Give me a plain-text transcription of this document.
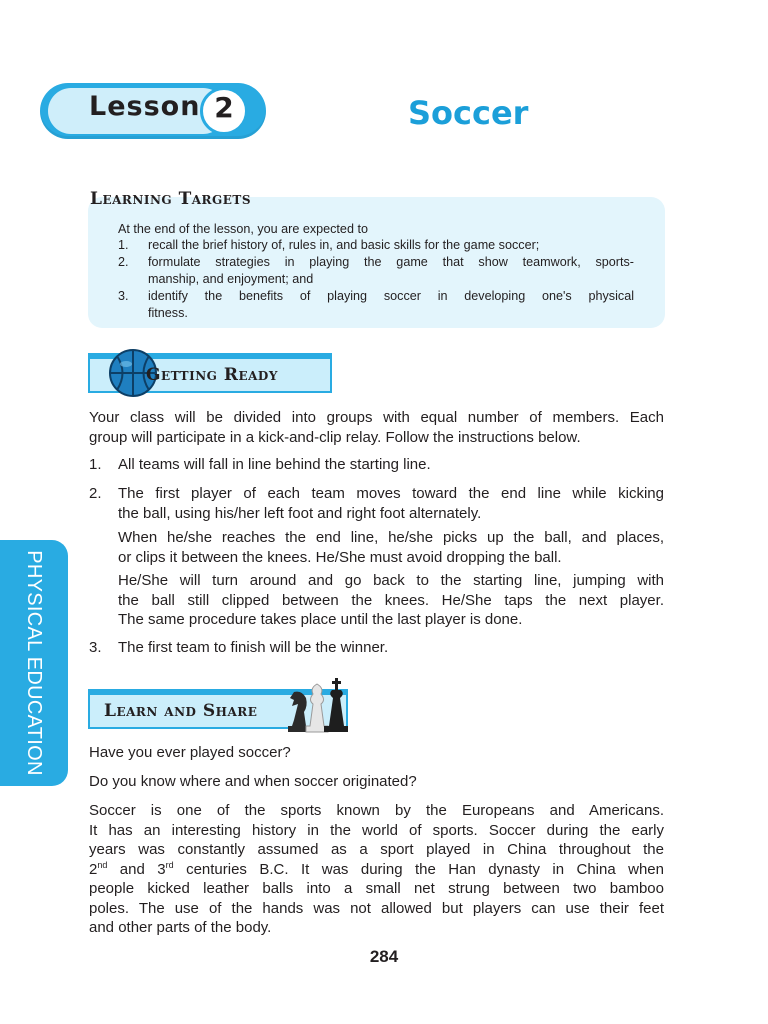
Lesson 2	Soccer
Learning Targets
At the end of the lesson, you are expected to
1. recall the brief history of, rules in, and basic skills for the game soccer;
2. formulate strategies in playing the game that show teamwork, sports-
manship, and enjoyment; and
3. identify the benefits of playing soccer in developing one's physical
fitness.
Getting Ready
Your class will be divided into groups with equal number of members. Each
group will participate in a kick-and-clip relay. Follow the instructions below.
1. All teams will fall in line behind the starting line.
2. The first player of each team moves toward the end line while kicking
the ball, using his/her left foot and right foot alternately.
When he/she reaches the end line, he/she picks up the ball, and places,
or clips it between the knees. He/She must avoid dropping the ball.
He/She will turn around and go back to the starting line, jumping with
the ball still clipped between the knees. He/She taps the next player.
The same procedure takes place until the last player is done.
3. The first team to finish will be the winner.
Learn and Share
Have you ever played soccer?
Do you know where and when soccer originated?
Soccer is one of the sports known by the Europeans and Americans.
It has an interesting history in the world of sports. Soccer during the early
years was constantly assumed as a sport played in China throughout the
2nd and 3rd centuries B.C. It was during the Han dynasty in China when
people kicked leather balls into a small net strung between two bamboo
poles. The use of the hands was not allowed but players can use their feet
and other parts of the body.
PHYSICAL EDUCATION
284
